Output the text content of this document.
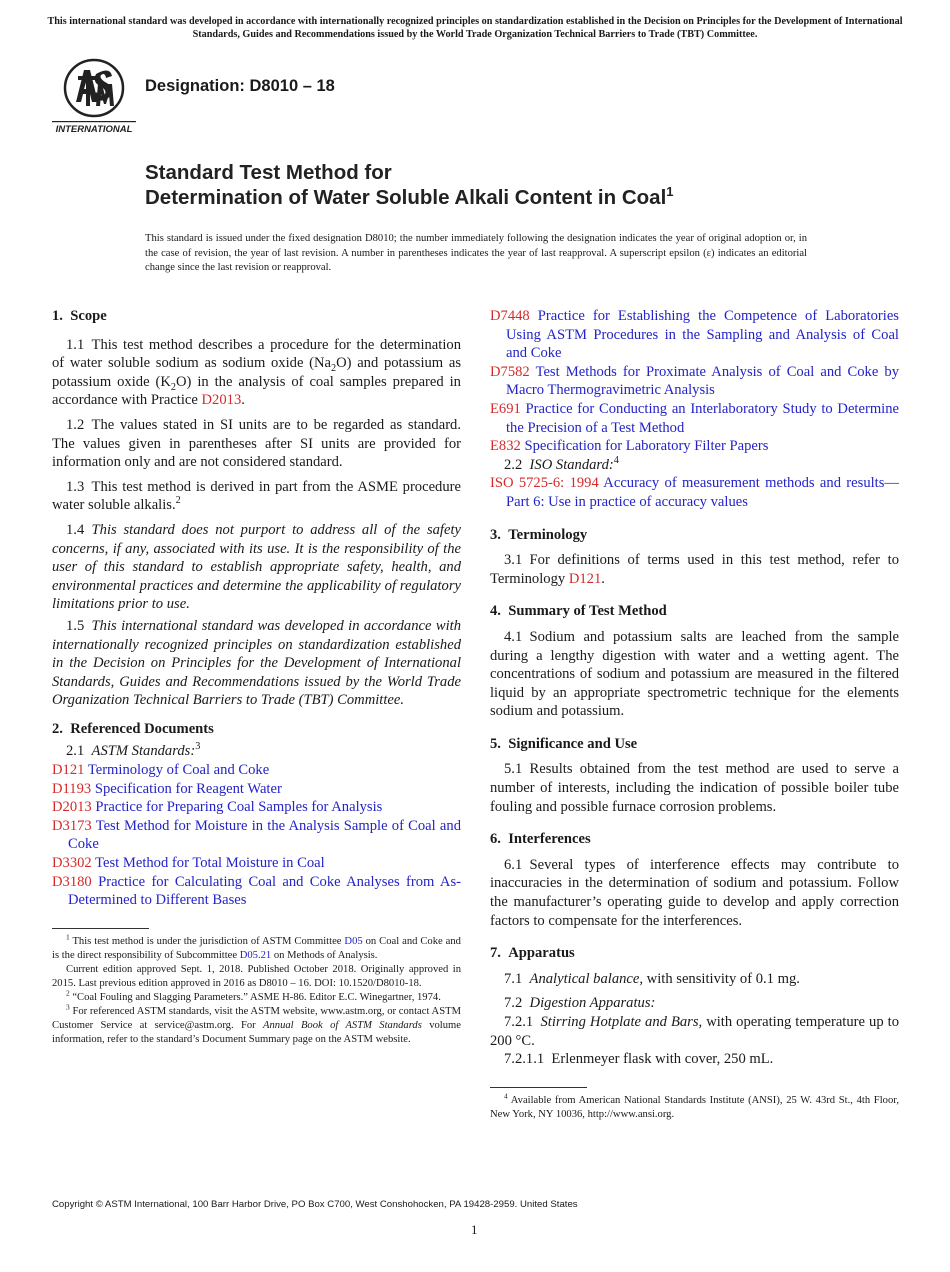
This international standard was developed in accordance with internationally recognized principles on standardization established in the Decision on Principles for the Development of International Standards, Guides and Recommendations issued by the World Trade Organization Technical Barriers to Trade (TBT) Committee.
INTERNATIONAL
Designation: D8010 – 18
Standard Test Method for
Determination of Water Soluble Alkali Content in Coal$^1$
This standard is issued under the fixed designation D8010; the number immediately following the designation indicates the year of original adoption or, in the case of revision, the year of last revision. A number in parentheses indicates the year of last reapproval. A superscript epsilon (ε) indicates an editorial change since the last revision or reapproval.
1. Scope

1.1 This test method describes a procedure for the determination of water soluble sodium as sodium oxide $(Na_2O)$ and potassium as potassium oxide $(K_2O)$ in the analysis of coal samples prepared in accordance with Practice D2013.

1.2 The values stated in SI units are to be regarded as standard. The values given in parentheses after SI units are provided for information only and are not considered standard.

1.3 This test method is derived in part from the ASME procedure water soluble alkalis.$^2$

1.4 This standard does not purport to address all of the safety concerns, if any, associated with its use. It is the responsibility of the user of this standard to establish appropriate safety, health, and environmental practices and determine the applicability of regulatory limitations prior to use.

1.5 This international standard was developed in accordance with internationally recognized principles on standardization established in the Decision on Principles for the Development of International Standards, Guides and Recommendations issued by the World Trade Organization Technical Barriers to Trade (TBT) Committee.

2. Referenced Documents

2.1 ASTM Standards:$^3$

D121 Terminology of Coal and Coke

D1193 Specification for Reagent Water

D2013 Practice for Preparing Coal Samples for Analysis

D3173 Test Method for Moisture in the Analysis Sample of Coal and Coke

D3302 Test Method for Total Moisture in Coal

D3180 Practice for Calculating Coal and Coke Analyses from As-Determined to Different Bases

$^1$ This test method is under the jurisdiction of ASTM Committee D05 on Coal and Coke and is the direct responsibility of Subcommittee D05.21 on Methods of Analysis.

Current edition approved Sept. 1, 2018. Published October 2018. Originally approved in 2015. Last previous edition approved in 2016 as D8010 – 16. DOI: 10.1520/D8010-18.

$^2$ “Coal Fouling and Slagging Parameters.” ASME H-86. Editor E.C. Winegartner, 1974.

$^3$ For referenced ASTM standards, visit the ASTM website, www.astm.org, or contact ASTM Customer Service at service@astm.org. For Annual Book of ASTM Standards volume information, refer to the standard’s Document Summary page on the ASTM website.

D7448 Practice for Establishing the Competence of Laboratories Using ASTM Procedures in the Sampling and Analysis of Coal and Coke

D7582 Test Methods for Proximate Analysis of Coal and Coke by Macro Thermogravimetric Analysis

E691 Practice for Conducting an Interlaboratory Study to Determine the Precision of a Test Method

E832 Specification for Laboratory Filter Papers

2.2 ISO Standard:$^4$

ISO 5725-6: 1994 Accuracy of measurement methods and results—Part 6: Use in practice of accuracy values

3. Terminology

3.1 For definitions of terms used in this test method, refer to Terminology D121.

4. Summary of Test Method

4.1 Sodium and potassium salts are leached from the sample during a lengthy digestion with water and a wetting agent. The concentrations of sodium and potassium are measured in the filtered liquid by an appropriate spectrometric technique for the elements sodium and potassium.

5. Significance and Use

5.1 Results obtained from the test method are used to serve a number of interests, including the indication of possible boiler tube fouling and possible furnace corrosion problems.

6. Interferences

6.1 Several types of interference effects may contribute to inaccuracies in the determination of sodium and potassium. Follow the manufacturer’s operating guide to develop and apply correction factors to compensate for the interferences.

7. Apparatus

7.1 Analytical balance, with sensitivity of 0.1 mg.

7.2 Digestion Apparatus:

7.2.1 Stirring Hotplate and Bars, with operating temperature up to 200 °C.

7.2.1.1 Erlenmeyer flask with cover, 250 mL.

$^4$ Available from American National Standards Institute (ANSI), 25 W. 43rd St., 4th Floor, New York, NY 10036, http://www.ansi.org.

Copyright © ASTM International, 100 Barr Harbor Drive, PO Box C700, West Conshohocken, PA 19428-2959. United States
1
